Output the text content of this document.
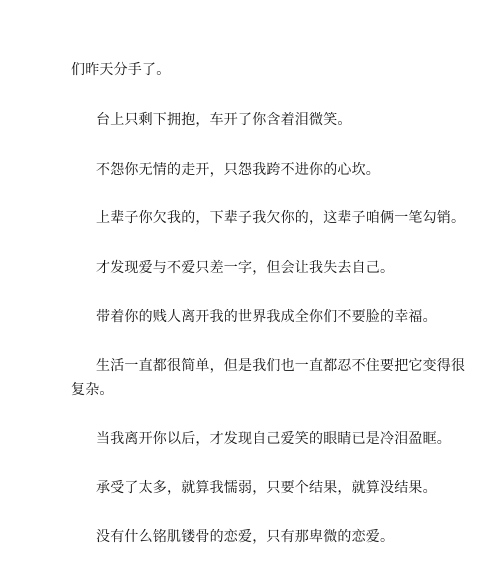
们昨天分手了。
台上只剩下拥抱，车开了你含着泪微笑。
不怨你无情的走开，只怨我跨不进你的心坎。
上辈子你欠我的，下辈子我欠你的，这辈子咱俩一笔勾销。
才发现爱与不爱只差一字，但会让我失去自己。
带着你的贱人离开我的世界我成全你们不要脸的幸福。
生活一直都很简单，但是我们也一直都忍不住要把它变得很
复杂。
当我离开你以后，才发现自己爱笑的眼睛已是冷泪盈眶。
承受了太多，就算我懦弱，只要个结果，就算没结果。
没有什么铭肌镂骨的恋爱，只有那卑微的恋爱。
